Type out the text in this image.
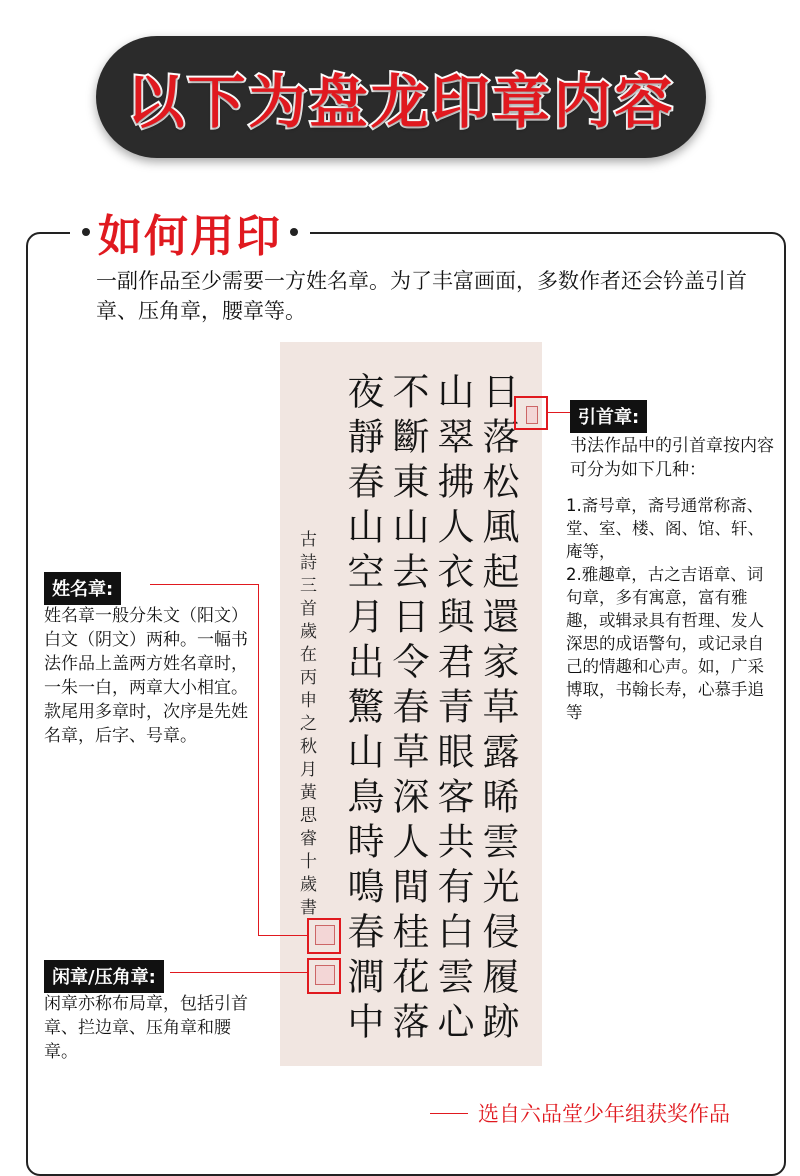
以下为盘龙印章内容
如何用印
一副作品至少需要一方姓名章。为了丰富画面，多数作者还会钤盖引首章、压角章，腰章等。
日落松風起還家草露晞雲光侵履跡
山翠拂人衣與君青眼客共有白雲心
不斷東山去日令春草深人間桂花落
夜靜春山空月出驚山鳥時鳴春澗中
古詩三首歲在丙申之秋月黃思睿十歲書
引首章:
书法作品中的引首章按内容可分为如下几种：
1.斋号章，斋号通常称斋、堂、室、楼、阁、馆、轩、庵等，
2.雅趣章，古之吉语章、词句章，多有寓意，富有雅趣，或辑录具有哲理、发人深思的成语警句，或记录自己的情趣和心声。如，广采博取，书翰长寿，心慕手追等
姓名章:
姓名章一般分朱文（阳文）白文（阴文）两种。一幅书法作品上盖两方姓名章时，一朱一白，两章大小相宜。款尾用多章时，次序是先姓名章，后字、号章。
闲章/压角章:
闲章亦称布局章，包括引首章、拦边章、压角章和腰章。
选自六品堂少年组获奖作品
